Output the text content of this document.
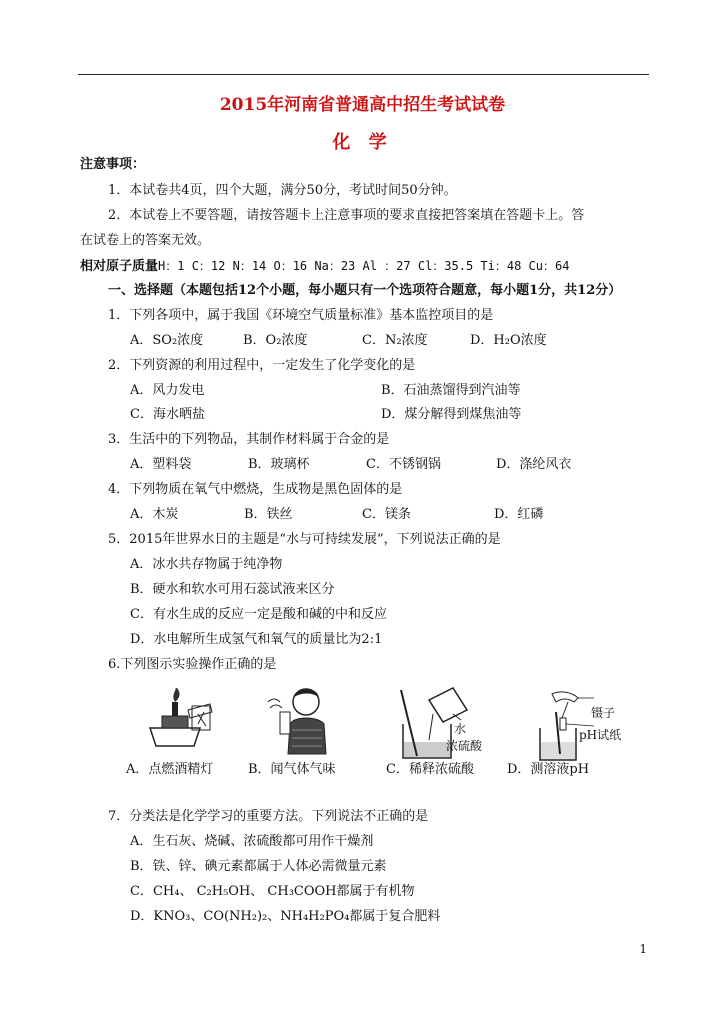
2015年河南省普通高中招生考试试卷
化 学
注意事项：
1．本试卷共4页，四个大题，满分50分，考试时间50分钟。
2．本试卷上不要答题，请按答题卡上注意事项的要求直接把答案填在答题卡上。答
在试卷上的答案无效。
相对原子质量H：1 C：12 N：14 O：16 Na：23 Al ：27 Cl：35.5 Ti：48 Cu：64
一、选择题（本题包括12个小题，每小题只有一个选项符合题意，每小题1分，共12分）
1．下列各项中，属于我国《环境空气质量标准》基本监控项目的是
A．SO₂浓度	B．O₂浓度	C．N₂浓度	D．H₂O浓度
2．下列资源的利用过程中，一定发生了化学变化的是
A．风力发电	B．石油蒸馏得到汽油等
C．海水晒盐	D．煤分解得到煤焦油等
3．生活中的下列物品，其制作材料属于合金的是
A．塑料袋	B．玻璃杯	C．不锈钢锅	D．涤纶风衣
4．下列物质在氧气中燃烧，生成物是黑色固体的是
A．木炭	B．铁丝	C．镁条	D．红磷
5．2015年世界水日的主题是“水与可持续发展”，下列说法正确的是
A．冰水共存物属于纯净物
B．硬水和软水可用石蕊试液来区分
C．有水生成的反应一定是酸和碱的中和反应
D．水电解所生成氢气和氧气的质量比为2:1
6.下列图示实验操作正确的是
水
浓硫酸
镊子
pH试纸
A．点燃酒精灯	B．闻气体气味	C．稀释浓硫酸	D．测溶液pH
7．分类法是化学学习的重要方法。下列说法不正确的是
A．生石灰、烧碱、浓硫酸都可用作干燥剂
B．铁、锌、碘元素都属于人体必需微量元素
C．CH₄、 C₂H₅OH、 CH₃COOH都属于有机物
D．KNO₃、CO(NH₂)₂、NH₄H₂PO₄都属于复合肥料
1
